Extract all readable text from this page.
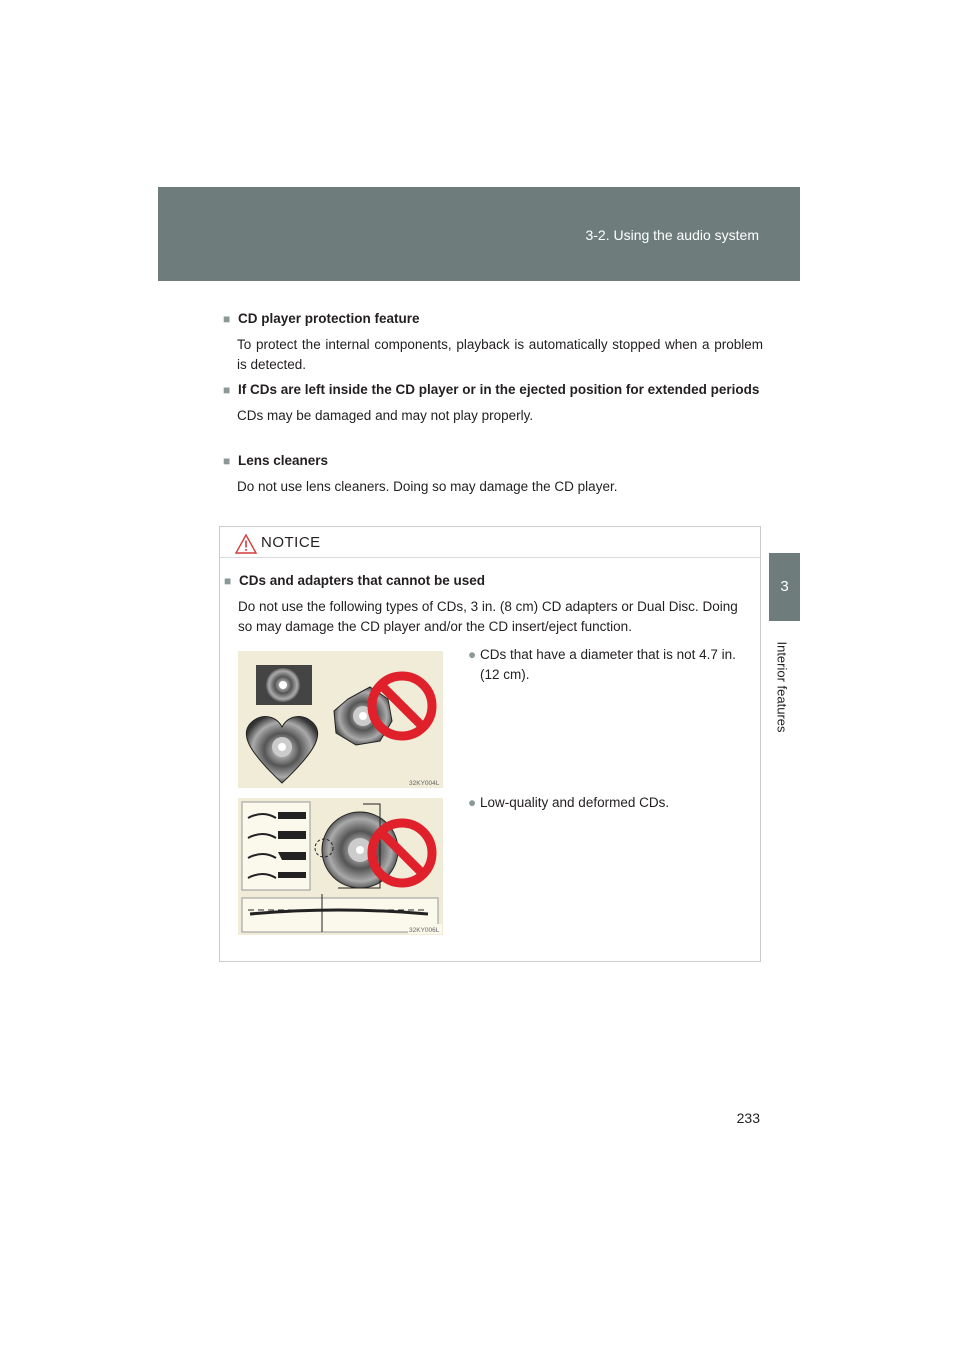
3-2. Using the audio system
3
Interior features
■ CD player protection feature
To protect the internal components, playback is automatically stopped when a problem is detected.
■ If CDs are left inside the CD player or in the ejected position for extended periods
CDs may be damaged and may not play properly.
■ Lens cleaners
Do not use lens cleaners. Doing so may damage the CD player.
NOTICE
■ CDs and adapters that cannot be used
Do not use the following types of CDs, 3 in. (8 cm) CD adapters or Dual Disc. Doing so may damage the CD player and/or the CD insert/eject function.
32KY004L
● CDs that have a diameter that is not 4.7 in. (12 cm).
32KY006L
● Low-quality and deformed CDs.
233
